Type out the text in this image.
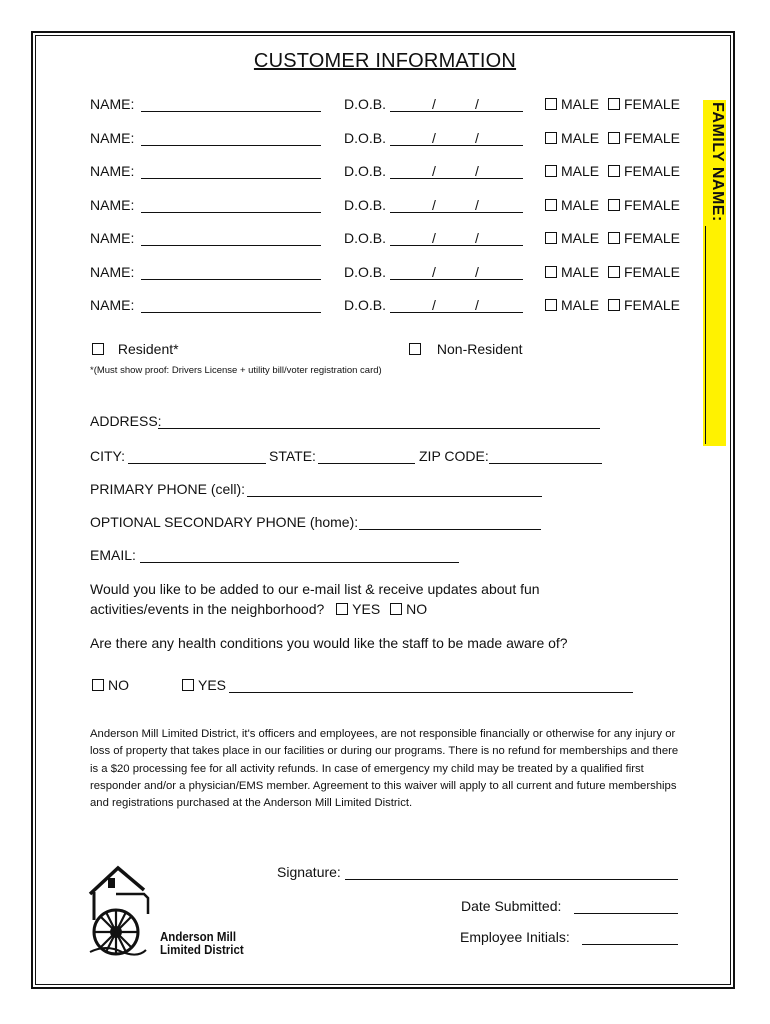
CUSTOMER INFORMATION
FAMILY NAME:
NAME:	D.O.B.	/	/	MALE	FEMALE
NAME:	D.O.B.	/	/	MALE	FEMALE
NAME:	D.O.B.	/	/	MALE	FEMALE
NAME:	D.O.B.	/	/	MALE	FEMALE
NAME:	D.O.B.	/	/	MALE	FEMALE
NAME:	D.O.B.	/	/	MALE	FEMALE
NAME:	D.O.B.	/	/	MALE	FEMALE
Resident*	Non-Resident
*(Must show proof: Drivers License + utility bill/voter registration card)
ADDRESS:
CITY:	STATE:	ZIP CODE:
PRIMARY PHONE (cell):
OPTIONAL SECONDARY PHONE (home):
EMAIL:
Would you like to be added to our e-mail list & receive updates about fun
activities/events in the neighborhood? YES NO
Are there any health conditions you would like the staff to be made aware of?
NO	YES
Anderson Mill Limited District, it's officers and employees, are not responsible financially or otherwise for any injury or loss of property that takes place in our facilities or during our programs. There is no refund for memberships and there is a $20 processing fee for all activity refunds. In case of emergency my child may be treated by a qualified first responder and/or a physician/EMS member. Agreement to this waiver will apply to all current and future memberships and registrations purchased at the Anderson Mill Limited District.
Signature:
Date Submitted:
Employee Initials:
Anderson Mill
Limited District
